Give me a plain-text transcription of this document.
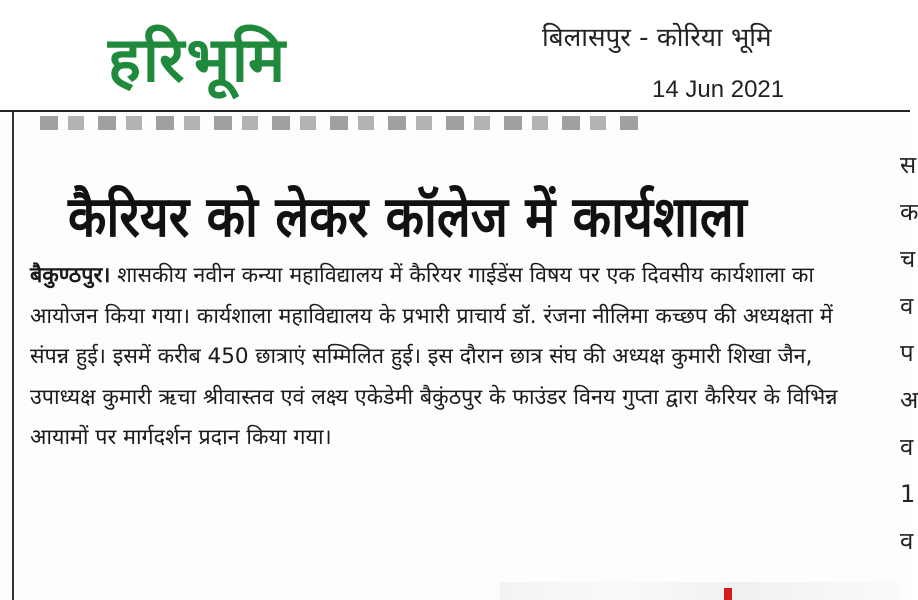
हरिभूमि	बिलासपुर - कोरिया भूमि
14 Jun 2021
कैरियर को लेकर कॉलेज में कार्यशाला
बैकुण्ठपुर। शासकीय नवीन कन्या महाविद्यालय में कैरियर गाईडेंस विषय पर एक दिवसीय कार्यशाला का आयोजन किया गया। कार्यशाला महाविद्यालय के प्रभारी प्राचार्य डॉ. रंजना नीलिमा कच्छप की अध्यक्षता में संपन्न हुई। इसमें करीब 450 छात्राएं सम्मिलित हुई। इस दौरान छात्र संघ की अध्यक्ष कुमारी शिखा जैन, उपाध्यक्ष कुमारी ऋचा श्रीवास्तव एवं लक्ष्य एकेडेमी बैकुंठपुर के फाउंडर विनय गुप्ता द्वारा कैरियर के विभिन्न आयामों पर मार्गदर्शन प्रदान किया गया।
स
क
च
व
प
अ
व
1
व
